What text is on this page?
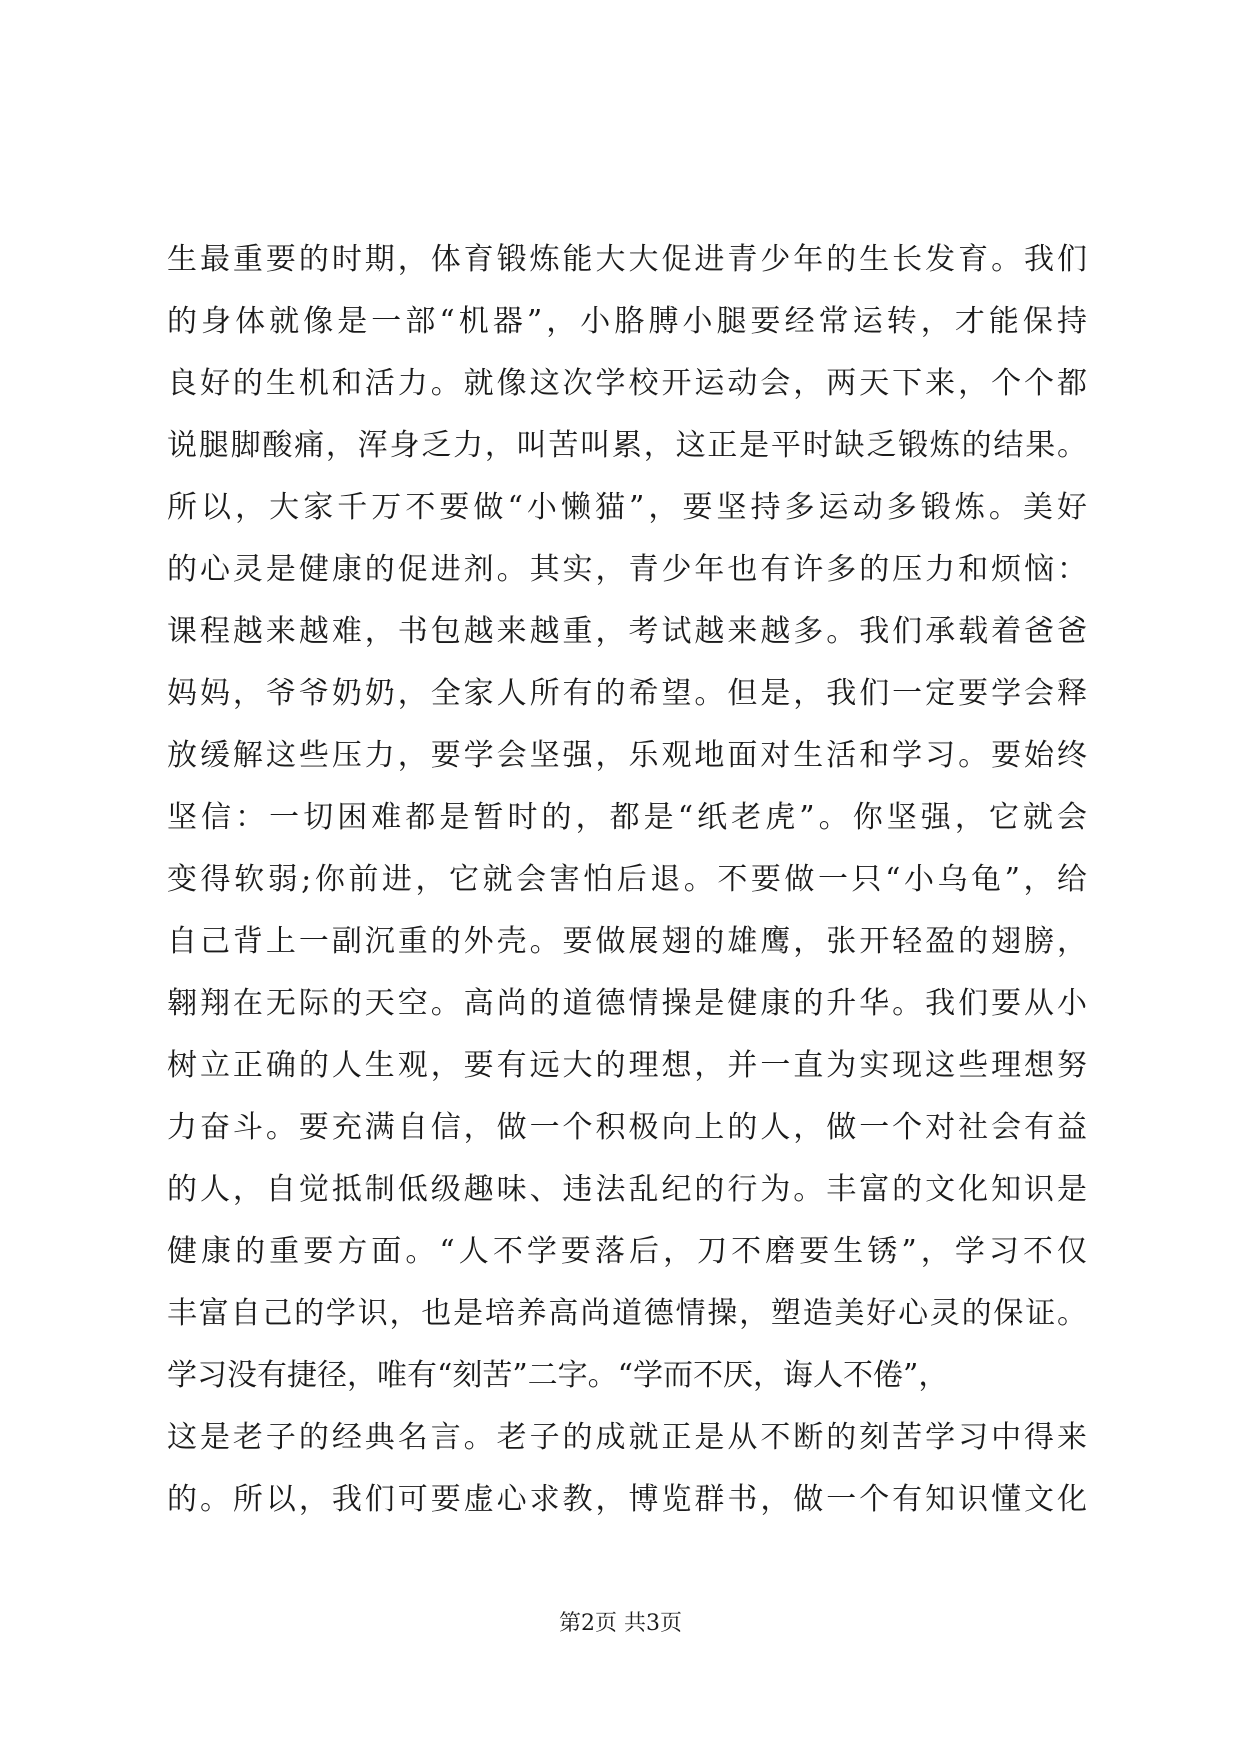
生最重要的时期，体育锻炼能大大促进青少年的生长发育。我们
的身体就像是一部“机器”，小胳膊小腿要经常运转，才能保持
良好的生机和活力。就像这次学校开运动会，两天下来，个个都
说腿脚酸痛，浑身乏力，叫苦叫累，这正是平时缺乏锻炼的结果。
所以，大家千万不要做“小懒猫”，要坚持多运动多锻炼。美好
的心灵是健康的促进剂。其实，青少年也有许多的压力和烦恼：
课程越来越难，书包越来越重，考试越来越多。我们承载着爸爸
妈妈，爷爷奶奶，全家人所有的希望。但是，我们一定要学会释
放缓解这些压力，要学会坚强，乐观地面对生活和学习。要始终
坚信：一切困难都是暂时的，都是“纸老虎”。你坚强，它就会
变得软弱;你前进，它就会害怕后退。不要做一只“小乌龟”，给
自己背上一副沉重的外壳。要做展翅的雄鹰，张开轻盈的翅膀，
翱翔在无际的天空。高尚的道德情操是健康的升华。我们要从小
树立正确的人生观，要有远大的理想，并一直为实现这些理想努
力奋斗。要充满自信，做一个积极向上的人，做一个对社会有益
的人，自觉抵制低级趣味、违法乱纪的行为。丰富的文化知识是
健康的重要方面。“人不学要落后，刀不磨要生锈”，学习不仅
丰富自己的学识，也是培养高尚道德情操，塑造美好心灵的保证。
学习没有捷径，唯有“刻苦”二字。“学而不厌，诲人不倦”，
这是老子的经典名言。老子的成就正是从不断的刻苦学习中得来
的。所以，我们可要虚心求教，博览群书，做一个有知识懂文化
第2页 共3页
